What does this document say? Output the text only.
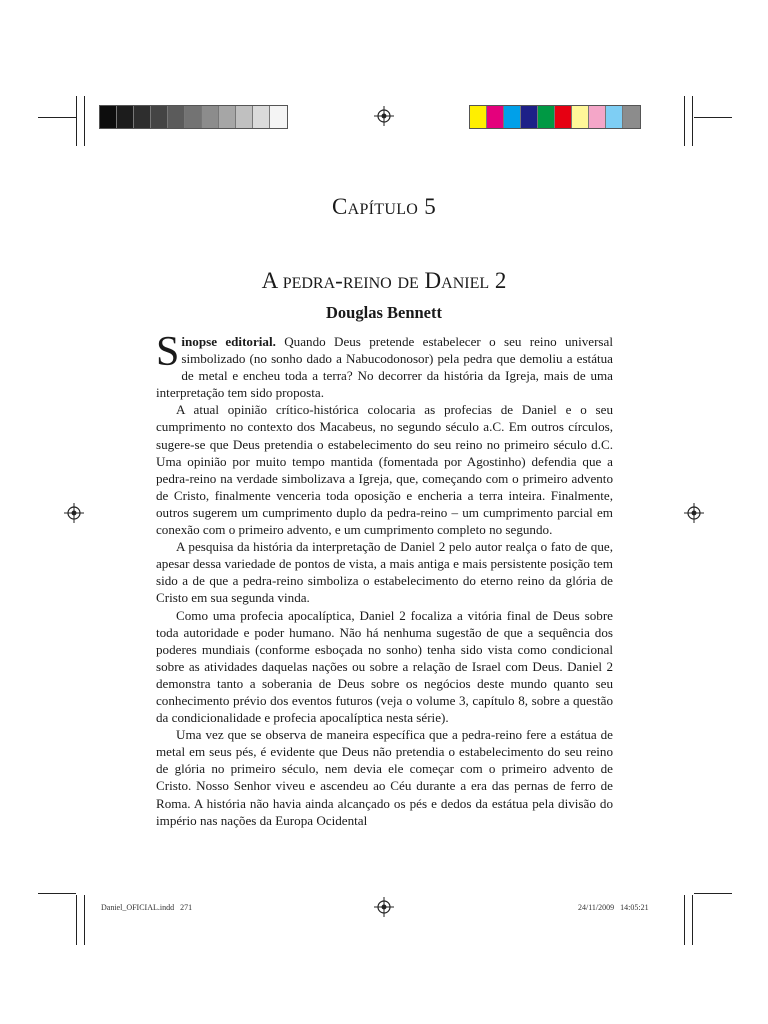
Capítulo 5
A pedra-reino de Daniel 2
Douglas Bennett

Sinopse editorial. Quando Deus pretende estabelecer o seu reino universal simbolizado (no sonho dado a Nabucodonosor) pela pedra que demoliu a estátua de metal e encheu toda a terra? No decorrer da história da Igreja, mais de uma interpretação tem sido proposta.

A atual opinião crítico-histórica colocaria as profecias de Daniel e o seu cumprimento no contexto dos Macabeus, no segundo século a.C. Em outros círculos, sugere-se que Deus pretendia o estabelecimento do seu reino no primeiro século d.C. Uma opinião por muito tempo mantida (fomentada por Agostinho) defendia que a pedra-reino na verdade simbolizava a Igreja, que, começando com o primeiro advento de Cristo, finalmente venceria toda oposição e encheria a terra inteira. Finalmente, outros sugerem um cumprimento duplo da pedra-reino – um cumprimento parcial em conexão com o primeiro advento, e um cumprimento completo no segundo.

A pesquisa da história da interpretação de Daniel 2 pelo autor realça o fato de que, apesar dessa variedade de pontos de vista, a mais antiga e mais persistente posição tem sido a de que a pedra-reino simboliza o estabelecimento do eterno reino da glória de Cristo em sua segunda vinda.

Como uma profecia apocalíptica, Daniel 2 focaliza a vitória final de Deus sobre toda autoridade e poder humano. Não há nenhuma sugestão de que a sequência dos poderes mundiais (conforme esboçada no sonho) tenha sido vista como condicional sobre as atividades daquelas nações ou sobre a relação de Israel com Deus. Daniel 2 demonstra tanto a soberania de Deus sobre os negócios deste mundo quanto seu conhecimento prévio dos eventos futuros (veja o volume 3, capítulo 8, sobre a questão da condicionalidade e profecia apocalíptica nesta série).

Uma vez que se observa de maneira específica que a pedra-reino fere a estátua de metal em seus pés, é evidente que Deus não pretendia o estabelecimento do seu reino de glória no primeiro século, nem devia ele começar com o primeiro advento de Cristo. Nosso Senhor viveu e ascendeu ao Céu durante a era das pernas de ferro de Roma. A história não havia ainda alcançado os pés e dedos da estátua pela divisão do império nas nações da Europa Ocidental

Daniel_OFICIAL.indd   271	24/11/2009   14:05:21
